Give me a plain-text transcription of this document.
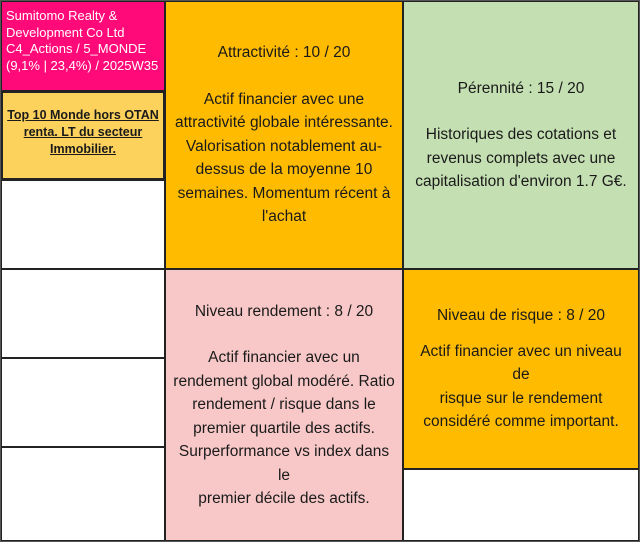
Sumitomo Realty &
Development Co Ltd
C4_Actions / 5_MONDE
(9,1% | 23,4%) / 2025W35
Top 10 Monde hors OTAN
renta. LT du secteur
Immobilier.
Attractivité : 10 / 20
Actif financier avec une
attractivité globale intéressante.
Valorisation notablement au-
dessus de la moyenne 10
semaines. Momentum récent à
l'achat
Pérennité : 15 / 20
Historiques des cotations et
revenus complets avec une
capitalisation d'environ 1.7 G€.
Niveau rendement : 8 / 20
Actif financier avec un
rendement global modéré. Ratio
rendement / risque dans le
premier quartile des actifs.
Surperformance vs index dans le
premier décile des actifs.
Niveau de risque : 8 / 20
Actif financier avec un niveau de
risque sur le rendement
considéré comme important.
